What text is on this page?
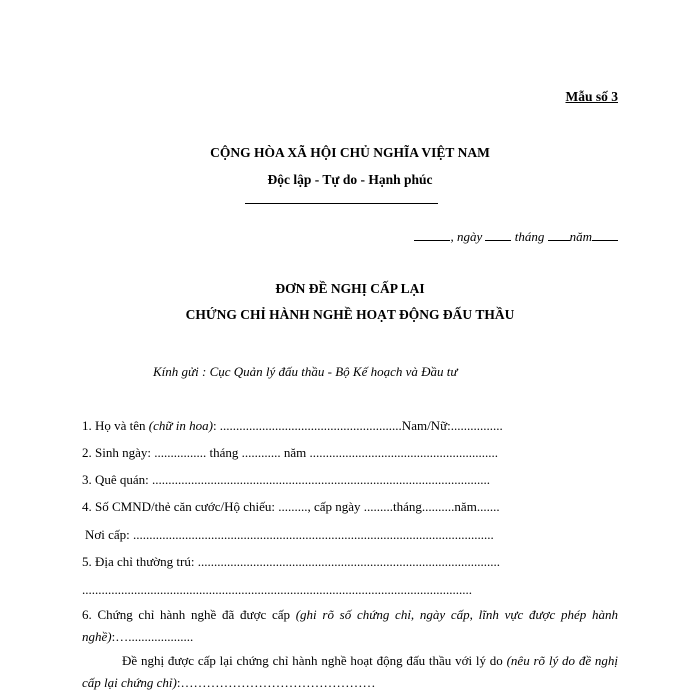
Mẫu số 3
CỘNG HÒA XÃ HỘI CHỦ NGHĨA VIỆT NAM
Độc lập - Tự do - Hạnh phúc
, ngày  tháng năm
ĐƠN ĐỀ NGHỊ CẤP LẠI
CHỨNG CHỈ HÀNH NGHỀ HOẠT ĐỘNG ĐẤU THẦU
Kính gửi : Cục Quản lý đấu thầu - Bộ Kế hoạch và Đầu tư
1. Họ và tên (chữ in hoa): ........................................................Nam/Nữ:................
2. Sinh ngày: ................ tháng ............ năm ..........................................................
3. Quê quán: ........................................................................................................
4. Số CMND/thẻ căn cước/Hộ chiếu: ........., cấp ngày .........tháng..........năm.......
Nơi cấp: ...............................................................................................................
5. Địa chỉ thường trú: .............................................................................................
........................................................................................................................
6. Chứng chỉ hành nghề đã được cấp (ghi rõ số chứng chỉ, ngày cấp, lĩnh vực được phép hành nghề):…....................
Đề nghị được cấp lại chứng chỉ hành nghề hoạt động đấu thầu với lý do (nêu rõ lý do đề nghị cấp lại chứng chỉ):………………………………………
